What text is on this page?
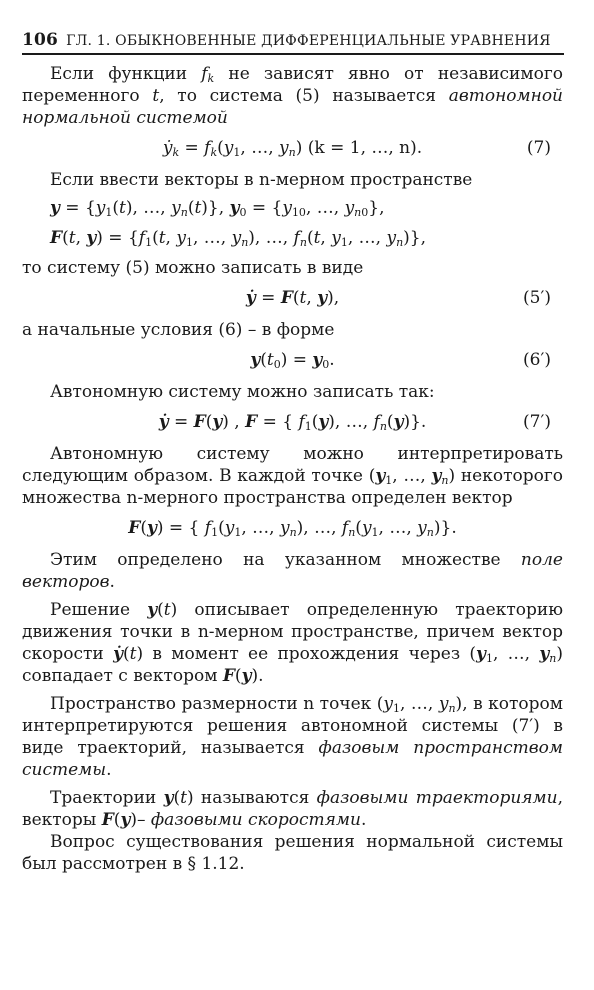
106 ГЛ. 1. ОБЫКНОВЕННЫЕ ДИФФЕРЕНЦИАЛЬНЫЕ УРАВНЕНИЯ

Если функции $f_k$ не зависят явно от независимого переменного t, то система (5) называется автономной нормальной системой

ẏ$_k$ = $f_k(y_1$, …, $y_n$) (k = 1, …, n).	(7)

Если ввести векторы в n-мерном пространстве

$y = \{y_1(t)$, …, $y_n(t)$}, $y_0 = \{y_{10}$, …, $y_{n0}$},
F(t, $y) = \{f_1(t$, $y_1$, …, $y_n$), …, $f_n(t$, $y_1$, …, $y_n$)},

то систему (5) можно записать в виде

ẏ = F(t, y),	(5′)

а начальные условия (6) – в форме

$y(t_0) = y_0$.	(6′)

Автономную систему можно записать так:

ẏ = F(y) , F = { $f_1(y)$, …, $f_n(y)$}.	(7′)

Автономную систему можно интерпретировать следующим образом. В каждой точке ($y_1$, …, $y_n$) некоторого множества n-мерного пространства определен вектор

F(y) = { $f_1(y_1$, …, $y_n$), …, $f_n(y_1$, …, $y_n$)}.

Этим определено на указанном множестве поле векторов.

Решение y(t) описывает определенную траекторию движения точки в n-мерном пространстве, причем вектор скорости ẏ(t) в момент ее прохождения через ($y_1$, …, $y_n$) совпадает с вектором F(y).

Пространство размерности n точек ($y_1$, …, $y_n$), в котором интерпретируются решения автономной системы (7′) в виде траекторий, называется фазовым пространством системы.

Траектории y(t) называются фазовыми траекториями, векторы F(y)– фазовыми скоростями.

Вопрос существования решения нормальной системы был рассмотрен в § 1.12.
